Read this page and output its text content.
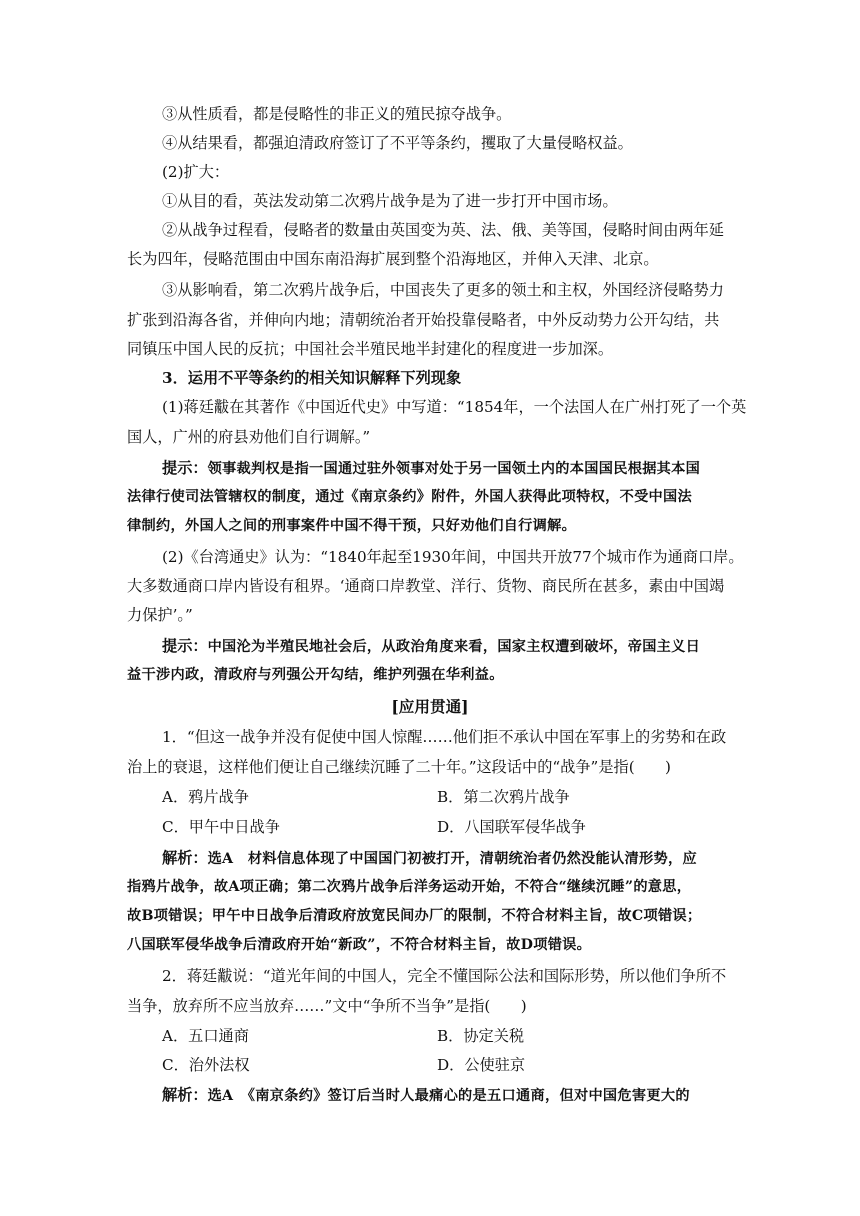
③从性质看，都是侵略性的非正义的殖民掠夺战争。
④从结果看，都强迫清政府签订了不平等条约，攫取了大量侵略权益。
(2)扩大：
①从目的看，英法发动第二次鸦片战争是为了进一步打开中国市场。
②从战争过程看，侵略者的数量由英国变为英、法、俄、美等国，侵略时间由两年延
长为四年，侵略范围由中国东南沿海扩展到整个沿海地区，并伸入天津、北京。
③从影响看，第二次鸦片战争后，中国丧失了更多的领土和主权，外国经济侵略势力
扩张到沿海各省，并伸向内地；清朝统治者开始投靠侵略者，中外反动势力公开勾结，共
同镇压中国人民的反抗；中国社会半殖民地半封建化的程度进一步加深。
3．运用不平等条约的相关知识解释下列现象
(1)蒋廷黻在其著作《中国近代史》中写道：“1854年，一个法国人在广州打死了一个英
国人，广州的府县劝他们自行调解。”
提示：领事裁判权是指一国通过驻外领事对处于另一国领土内的本国国民根据其本国
法律行使司法管辖权的制度，通过《南京条约》附件，外国人获得此项特权，不受中国法
律制约，外国人之间的刑事案件中国不得干预，只好劝他们自行调解。
(2)《台湾通史》认为：“1840年起至1930年间，中国共开放77个城市作为通商口岸。
大多数通商口岸内皆设有租界。‘通商口岸教堂、洋行、货物、商民所在甚多，素由中国竭
力保护’。”
提示：中国沦为半殖民地社会后，从政治角度来看，国家主权遭到破坏，帝国主义日
益干涉内政，清政府与列强公开勾结，维护列强在华利益。
[应用贯通]
1．“但这一战争并没有促使中国人惊醒……他们拒不承认中国在军事上的劣势和在政
治上的衰退，这样他们便让自己继续沉睡了二十年。”这段话中的“战争”是指(　　)
A．鸦片战争	B．第二次鸦片战争
C．甲午中日战争	D．八国联军侵华战争
解析：选A　材料信息体现了中国国门初被打开，清朝统治者仍然没能认清形势，应
指鸦片战争，故A项正确；第二次鸦片战争后洋务运动开始，不符合“继续沉睡”的意思，
故B项错误；甲午中日战争后清政府放宽民间办厂的限制，不符合材料主旨，故C项错误；
八国联军侵华战争后清政府开始“新政”，不符合材料主旨，故D项错误。
2．蒋廷黻说：“道光年间的中国人，完全不懂国际公法和国际形势，所以他们争所不
当争，放弃所不应当放弃……”文中“争所不当争”是指(　　)
A．五口通商	B．协定关税
C．治外法权	D．公使驻京
解析：选A　《南京条约》签订后当时人最痛心的是五口通商，但对中国危害更大的
